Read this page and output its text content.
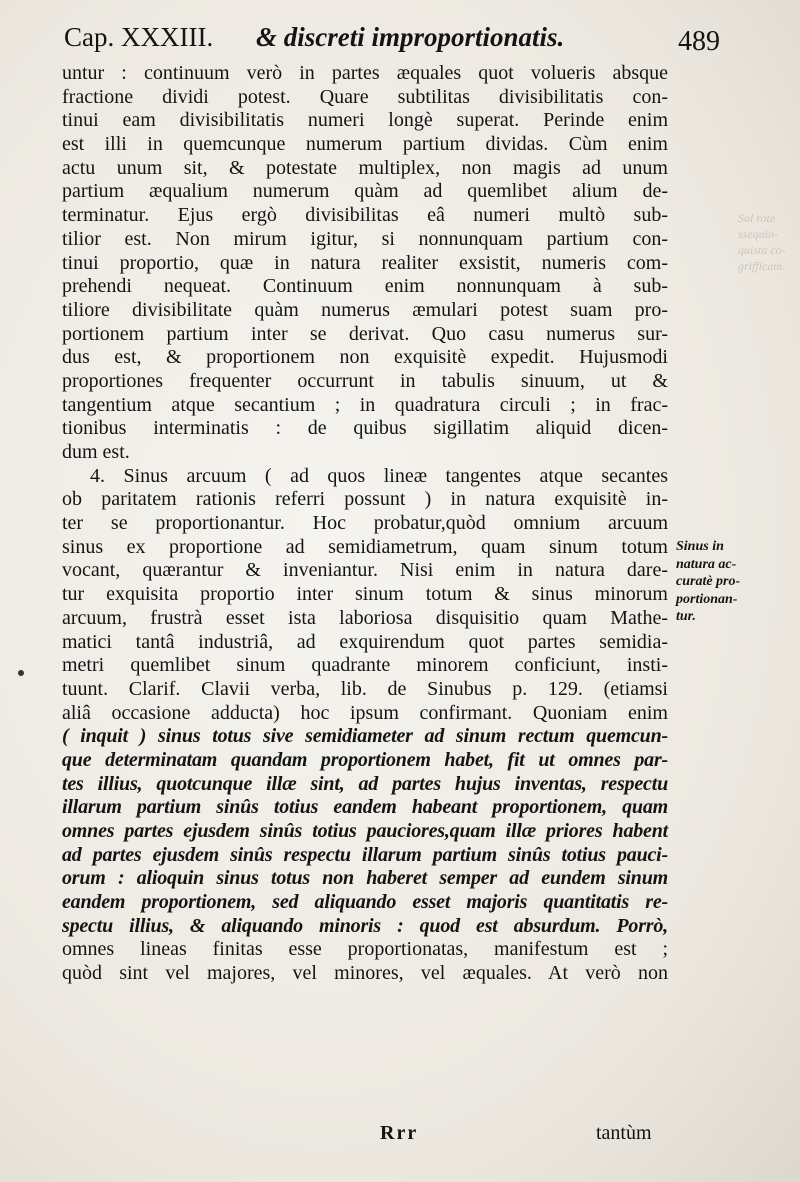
Cap. XXXIII. & discreti improportionatis.	489
untur : continuum verò in partes æquales quot volueris absque
fractione dividi potest. Quare subtilitas divisibilitatis con-
tinui eam divisibilitatis numeri longè superat. Perinde enim
est illi in quemcunque numerum partium dividas. Cùm enim
actu unum sit, & potestate multiplex, non magis ad unum
partium æqualium numerum quàm ad quemlibet alium de-
terminatur. Ejus ergò divisibilitas eâ numeri multò sub-
tilior est. Non mirum igitur, si nonnunquam partium con-
tinui proportio, quæ in natura realiter exsistit, numeris com-
prehendi nequeat. Continuum enim nonnunquam à sub-
tiliore divisibilitate quàm numerus æmulari potest suam pro-
portionem partium inter se derivat. Quo casu numerus sur-
dus est, & proportionem non exquisitè expedit. Hujusmodi
proportiones frequenter occurrunt in tabulis sinuum, ut &
tangentium atque secantium ; in quadratura circuli ; in frac-
tionibus interminatis : de quibus sigillatim aliquid dicen-
dum est.
4. Sinus arcuum ( ad quos lineæ tangentes atque secantes
ob paritatem rationis referri possunt ) in natura exquisitè in-
ter se proportionantur. Hoc probatur,quòd omnium arcuum
sinus ex proportione ad semidiametrum, quam sinum totum
vocant, quærantur & inveniantur. Nisi enim in natura dare-
tur exquisita proportio inter sinum totum & sinus minorum
arcuum, frustrà esset ista laboriosa disquisitio quam Mathe-
matici tantâ industriâ, ad exquirendum quot partes semidia-
metri quemlibet sinum quadrante minorem conficiunt, insti-
tuunt. Clarif. Clavii verba, lib. de Sinubus p. 129. (etiamsi
aliâ occasione adducta) hoc ipsum confirmant. Quoniam enim
( inquit ) sinus totus sive semidiameter ad sinum rectum quemcun-
que determinatam quandam proportionem habet, fit ut omnes par-
tes illius, quotcunque illæ sint, ad partes hujus inventas, respectu
illarum partium sinûs totius eandem habeant proportionem, quam
omnes partes ejusdem sinûs totius pauciores,quam illæ priores habent
ad partes ejusdem sinûs respectu illarum partium sinûs totius pauci-
orum : alioquin sinus totus non haberet semper ad eundem sinum
eandem proportionem, sed aliquando esset majoris quantitatis re-
spectu illius, & aliquando minoris : quod est absurdum. Porrò,
omnes lineas finitas esse proportionatas, manifestum est ;
quòd sint vel majores, vel minores, vel æquales. At verò non
Sinus in
natura ac-
curatè pro-
portionan-
tur.
Sol rote
ssequin-
quista co-
grifficam.
Rrr	tantùm
